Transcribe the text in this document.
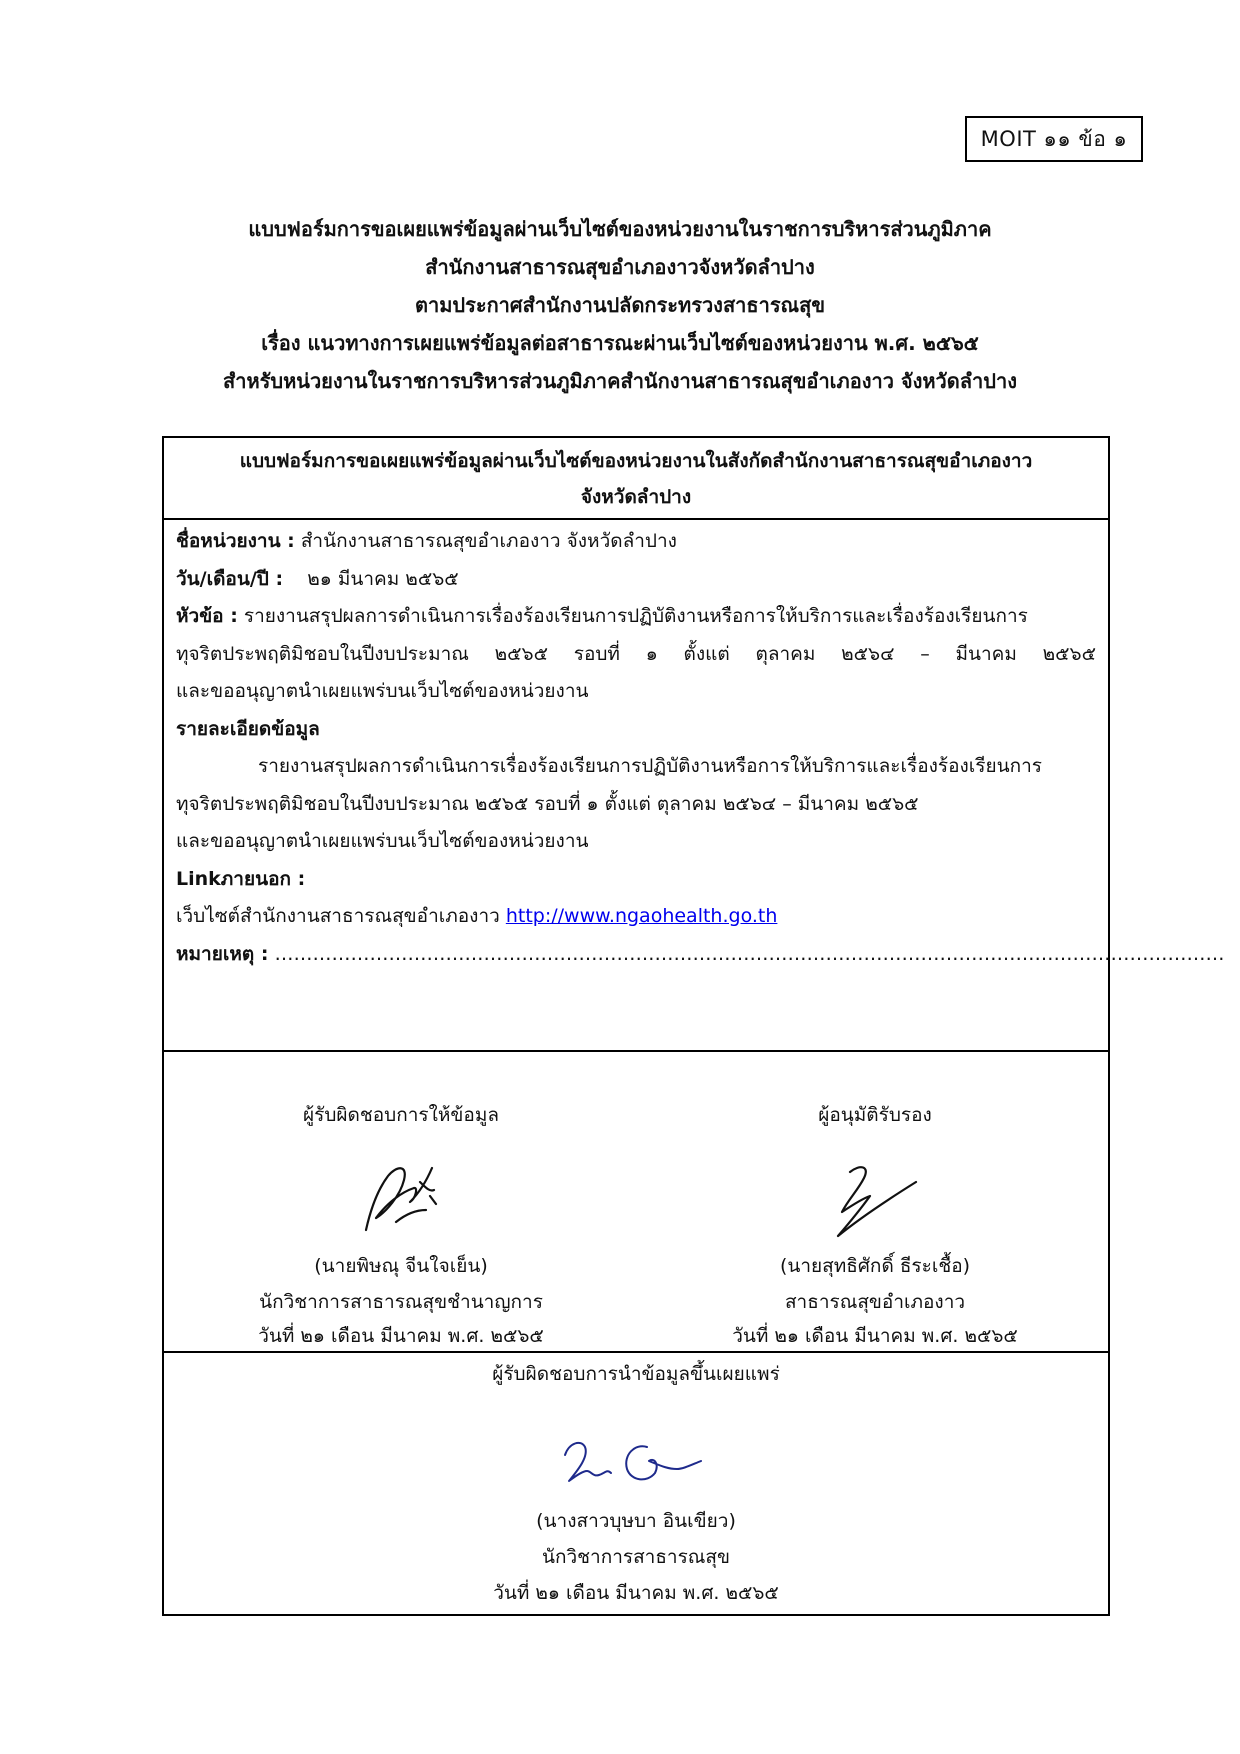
MOIT ๑๑ ข้อ ๑
แบบฟอร์มการขอเผยแพร่ข้อมูลผ่านเว็บไซต์ของหน่วยงานในราชการบริหารส่วนภูมิภาค
สำนักงานสาธารณสุขอำเภองาวจังหวัดลำปาง
ตามประกาศสำนักงานปลัดกระทรวงสาธารณสุข
เรื่อง แนวทางการเผยแพร่ข้อมูลต่อสาธารณะผ่านเว็บไซต์ของหน่วยงาน พ.ศ. ๒๕๖๕
สำหรับหน่วยงานในราชการบริหารส่วนภูมิภาคสำนักงานสาธารณสุขอำเภองาว จังหวัดลำปาง
แบบฟอร์มการขอเผยแพร่ข้อมูลผ่านเว็บไซต์ของหน่วยงานในสังกัดสำนักงานสาธารณสุขอำเภองาว
จังหวัดลำปาง
ชื่อหน่วยงาน : สำนักงานสาธารณสุขอำเภองาว จังหวัดลำปาง
วัน/เดือน/ปี : ๒๑ มีนาคม ๒๕๖๕
หัวข้อ : รายงานสรุปผลการดำเนินการเรื่องร้องเรียนการปฏิบัติงานหรือการให้บริการและเรื่องร้องเรียนการ
ทุจริตประพฤติมิชอบในปีงบประมาณ ๒๕๖๕ รอบที่ ๑ ตั้งแต่ ตุลาคม ๒๕๖๔ – มีนาคม ๒๕๖๕
และขออนุญาตนำเผยแพร่บนเว็บไซต์ของหน่วยงาน
รายละเอียดข้อมูล
รายงานสรุปผลการดำเนินการเรื่องร้องเรียนการปฏิบัติงานหรือการให้บริการและเรื่องร้องเรียนการ
ทุจริตประพฤติมิชอบในปีงบประมาณ ๒๕๖๕ รอบที่ ๑ ตั้งแต่ ตุลาคม ๒๕๖๔ – มีนาคม ๒๕๖๕
และขออนุญาตนำเผยแพร่บนเว็บไซต์ของหน่วยงาน
Linkภายนอก :
เว็บไซต์สำนักงานสาธารณสุขอำเภองาว http://www.ngaohealth.go.th
หมายเหตุ : ……………………………………………………………………………………………………………………………………
ผู้รับผิดชอบการให้ข้อมูล
(นายพิษณุ จีนใจเย็น)
นักวิชาการสาธารณสุขชำนาญการ
วันที่ ๒๑ เดือน มีนาคม พ.ศ. ๒๕๖๕
ผู้อนุมัติรับรอง
(นายสุทธิศักดิ์ ธีระเชื้อ)
สาธารณสุขอำเภองาว
วันที่ ๒๑ เดือน มีนาคม พ.ศ. ๒๕๖๕
ผู้รับผิดชอบการนำข้อมูลขึ้นเผยแพร่
(นางสาวบุษบา อินเขียว)
นักวิชาการสาธารณสุข
วันที่ ๒๑ เดือน มีนาคม พ.ศ. ๒๕๖๕
